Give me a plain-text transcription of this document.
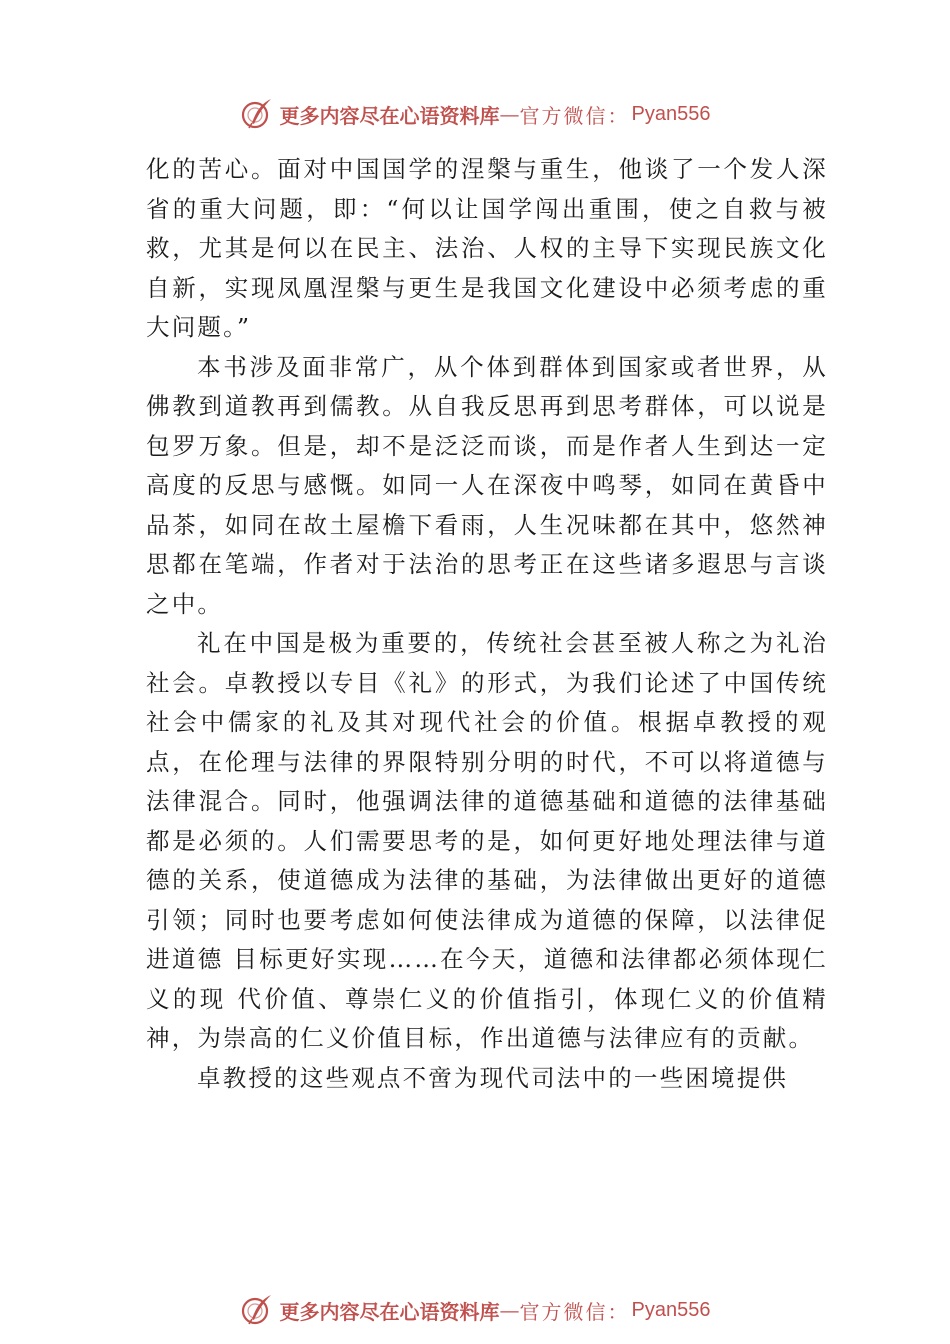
更多内容尽在心语资料库 — 官方微信： Pyan556

化的苦心。面对中国国学的涅槃与重生，他谈了一个发人深省的重大问题，即：“何以让国学闯出重围，使之自救与被救，尤其是何以在民主、法治、人权的主导下实现民族文化自新，实现凤凰涅槃与更生是我国文化建设中必须考虑的重大问题。”

本书涉及面非常广，从个体到群体到国家或者世界，从佛教到道教再到儒教。从自我反思再到思考群体，可以说是包罗万象。但是，却不是泛泛而谈，而是作者人生到达一定高度的反思与感慨。如同一人在深夜中鸣琴，如同在黄昏中品茶，如同在故土屋檐下看雨，人生况味都在其中，悠然神思都在笔端，作者对于法治的思考正在这些诸多遐思与言谈之中。

礼在中国是极为重要的，传统社会甚至被人称之为礼治社会。卓教授以专目《礼》的形式，为我们论述了中国传统社会中儒家的礼及其对现代社会的价值。根据卓教授的观点，在伦理与法律的界限特别分明的时代，不可以将道德与法律混合。同时，他强调法律的道德基础和道德的法律基础都是必须的。人们需要思考的是，如何更好地处理法律与道德的关系，使道德成为法律的基础，为法律做出更好的道德引领；同时也要考虑如何使法律成为道德的保障，以法律促进道德 目标更好实现……在今天，道德和法律都必须体现仁义的现 代价值、尊崇仁义的价值指引，体现仁义的价值精神，为崇高的仁义价值目标，作出道德与法律应有的贡献。

卓教授的这些观点不啻为现代司法中的一些困境提供

更多内容尽在心语资料库 — 官方微信： Pyan556
